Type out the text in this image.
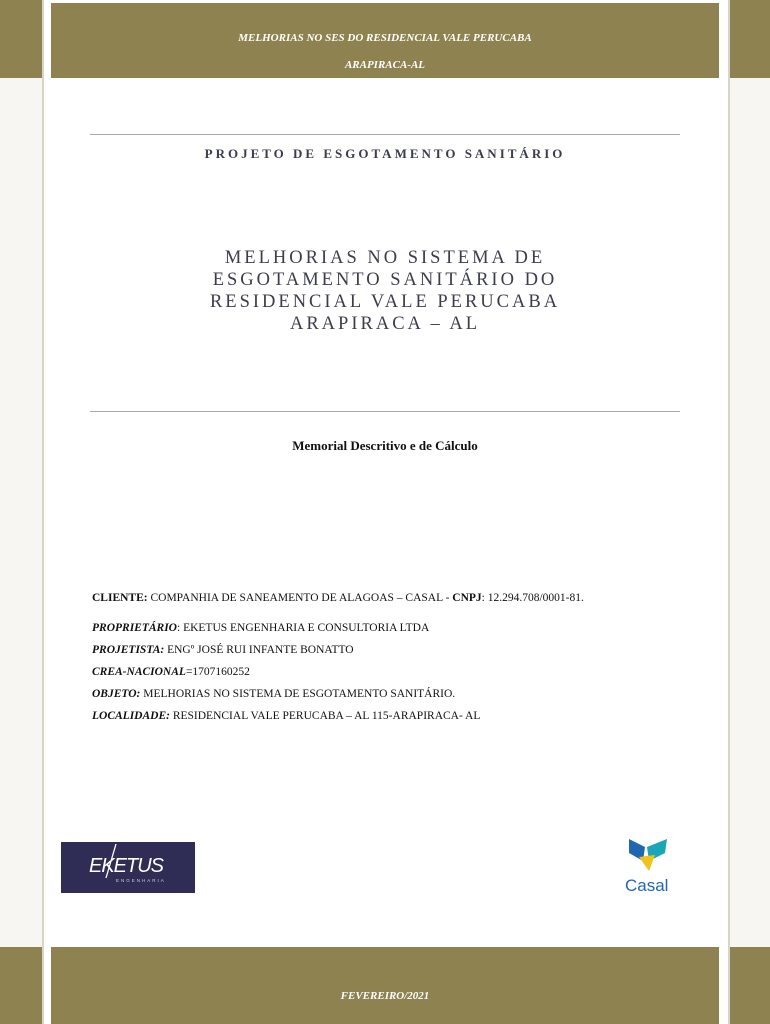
MELHORIAS NO SES DO RESIDENCIAL VALE PERUCABA
ARAPIRACA-AL
PROJETO DE ESGOTAMENTO SANITÁRIO
MELHORIAS NO SISTEMA DE
ESGOTAMENTO SANITÁRIO DO
RESIDENCIAL VALE PERUCABA
ARAPIRACA – AL
Memorial Descritivo e de Cálculo
CLIENTE: COMPANHIA DE SANEAMENTO DE ALAGOAS – CASAL - CNPJ: 12.294.708/0001-81.
PROPRIETÁRIO: EKETUS ENGENHARIA E CONSULTORIA LTDA
PROJETISTA: ENGº JOSÉ RUI INFANTE BONATTO
CREA-NACIONAL=1707160252
OBJETO: MELHORIAS NO SISTEMA DE ESGOTAMENTO SANITÁRIO.
LOCALIDADE: RESIDENCIAL VALE PERUCABA – AL 115-ARAPIRACA- AL
EKETUS
ENGENHARIA	Casal
FEVEREIRO/2021
